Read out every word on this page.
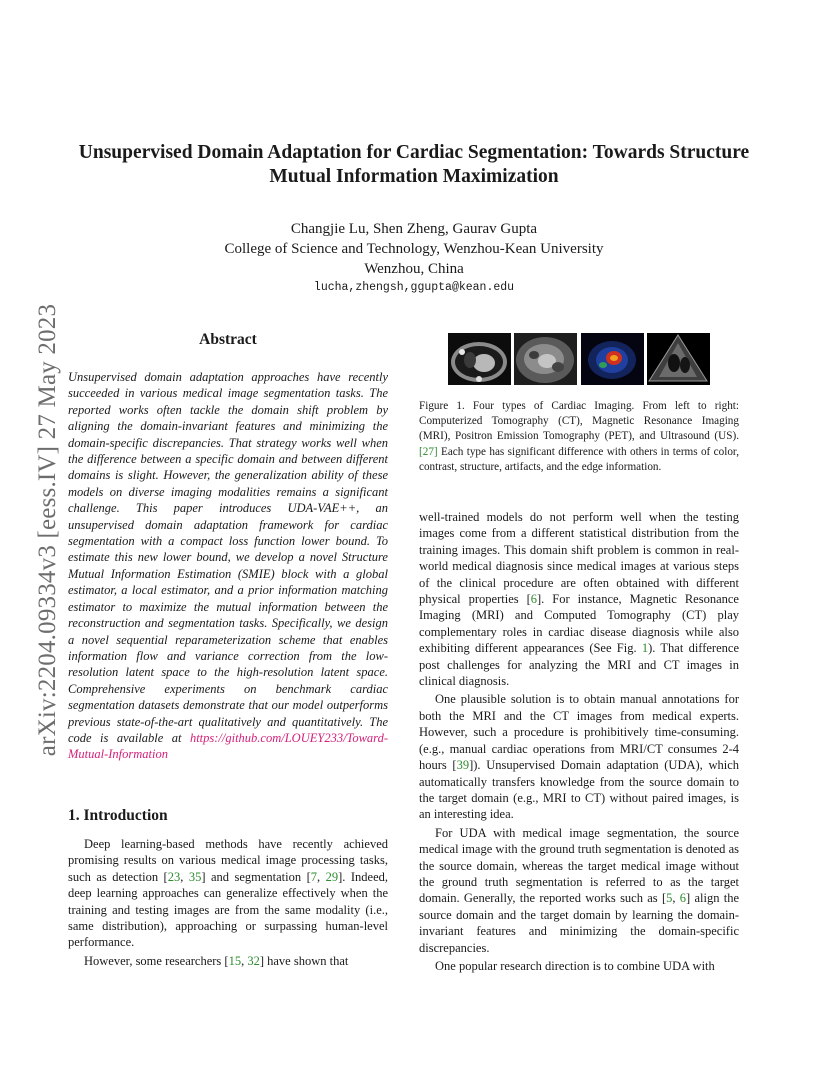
arXiv:2204.09334v3 [eess.IV] 27 May 2023
Unsupervised Domain Adaptation for Cardiac Segmentation: Towards Structure
Mutual Information Maximization
Changjie Lu, Shen Zheng, Gaurav Gupta
College of Science and Technology, Wenzhou-Kean University
Wenzhou, China
lucha,zhengsh,ggupta@kean.edu
Abstract
Unsupervised domain adaptation approaches have recently succeeded in various medical image segmentation tasks. The reported works often tackle the domain shift problem by aligning the domain-invariant features and minimizing the domain-specific discrepancies. That strategy works well when the difference between a specific domain and between different domains is slight. However, the generalization ability of these models on diverse imaging modalities remains a significant challenge. This paper introduces UDA-VAE++, an unsupervised domain adaptation framework for cardiac segmentation with a compact loss function lower bound. To estimate this new lower bound, we develop a novel Structure Mutual Information Estimation (SMIE) block with a global estimator, a local estimator, and a prior information matching estimator to maximize the mutual information between the reconstruction and segmentation tasks. Specifically, we design a novel sequential reparameterization scheme that enables information flow and variance correction from the low-resolution latent space to the high-resolution latent space. Comprehensive experiments on benchmark cardiac segmentation datasets demonstrate that our model outperforms previous state-of-the-art qualitatively and quantitatively. The code is available at https://github.com/LOUEY233/Toward-Mutual-Information
1. Introduction

Deep learning-based methods have recently achieved promising results on various medical image processing tasks, such as detection [23, 35] and segmentation [7, 29]. Indeed, deep learning approaches can generalize effectively when the training and testing images are from the same modality (i.e., same distribution), approaching or surpassing human-level performance.

However, some researchers [15, 32] have shown that

Figure 1. Four types of Cardiac Imaging. From left to right: Computerized Tomography (CT), Magnetic Resonance Imaging (MRI), Positron Emission Tomography (PET), and Ultrasound (US). [27] Each type has significant difference with others in terms of color, contrast, structure, artifacts, and the edge information.

well-trained models do not perform well when the testing images come from a different statistical distribution from the training images. This domain shift problem is common in real-world medical diagnosis since medical images at various steps of the clinical procedure are often obtained with different physical properties [6]. For instance, Magnetic Resonance Imaging (MRI) and Computed Tomography (CT) play complementary roles in cardiac disease diagnosis while also exhibiting different appearances (See Fig. 1). That difference post challenges for analyzing the MRI and CT images in clinical diagnosis.

One plausible solution is to obtain manual annotations for both the MRI and the CT images from medical experts. However, such a procedure is prohibitively time-consuming. (e.g., manual cardiac operations from MRI/CT consumes 2-4 hours [39]). Unsupervised Domain adaptation (UDA), which automatically transfers knowledge from the source domain to the target domain (e.g., MRI to CT) without paired images, is an interesting idea.

For UDA with medical image segmentation, the source medical image with the ground truth segmentation is denoted as the source domain, whereas the target medical image without the ground truth segmentation is referred to as the target domain. Generally, the reported works such as [5, 6] align the source domain and the target domain by learning the domain-invariant features and minimizing the domain-specific discrepancies.

One popular research direction is to combine UDA with
